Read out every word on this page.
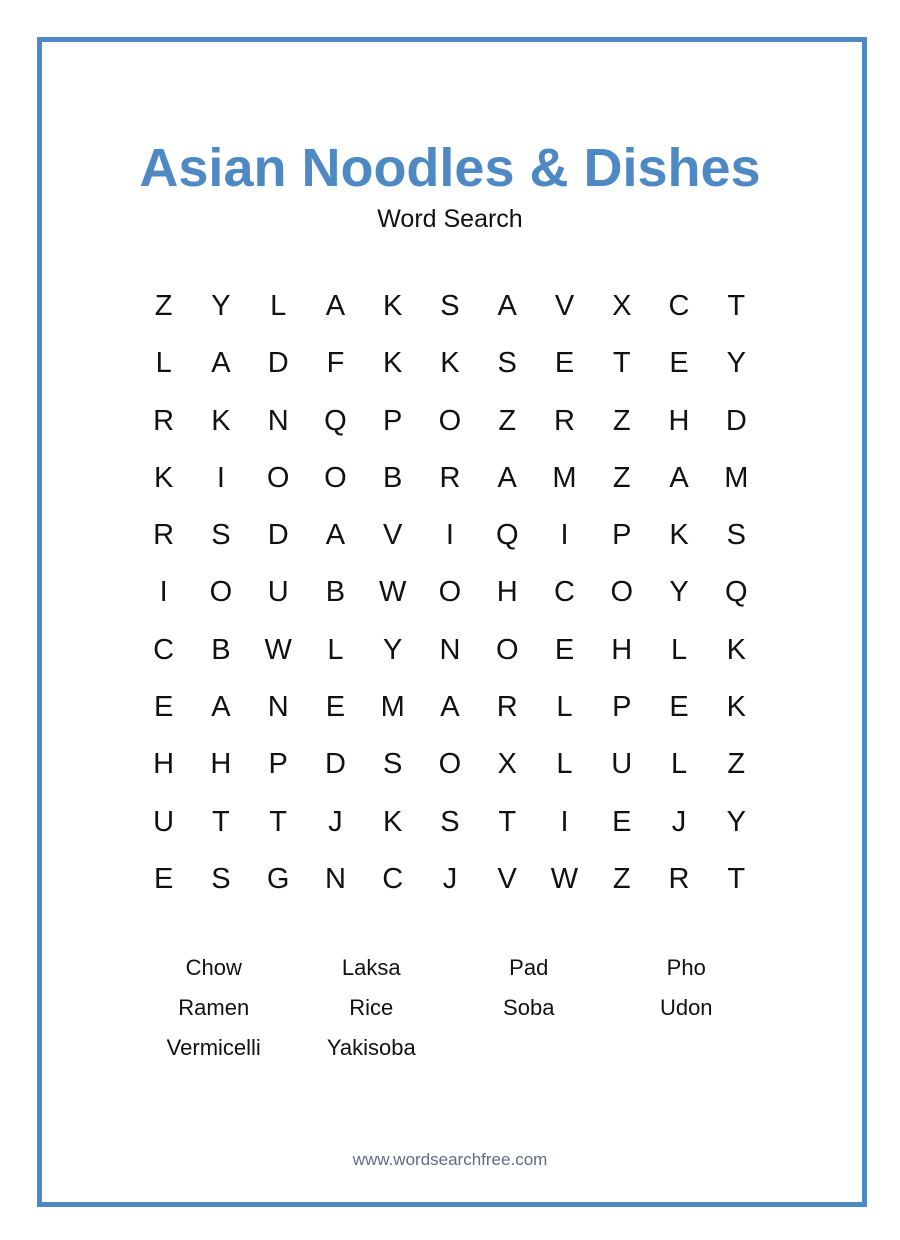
Asian Noodles & Dishes
Word Search
Z	Y	L	A	K	S	A	V	X	C	T
L	A	D	F	K	K	S	E	T	E	Y
R	K	N	Q	P	O	Z	R	Z	H	D
K	I	O	O	B	R	A	M	Z	A	M
R	S	D	A	V	I	Q	I	P	K	S
I	O	U	B	W	O	H	C	O	Y	Q
C	B	W	L	Y	N	O	E	H	L	K
E	A	N	E	M	A	R	L	P	E	K
H	H	P	D	S	O	X	L	U	L	Z
U	T	T	J	K	S	T	I	E	J	Y
E	S	G	N	C	J	V	W	Z	R	T
Chow	Laksa	Pad	Pho
Ramen	Rice	Soba	Udon
Vermicelli	Yakisoba
www.wordsearchfree.com
